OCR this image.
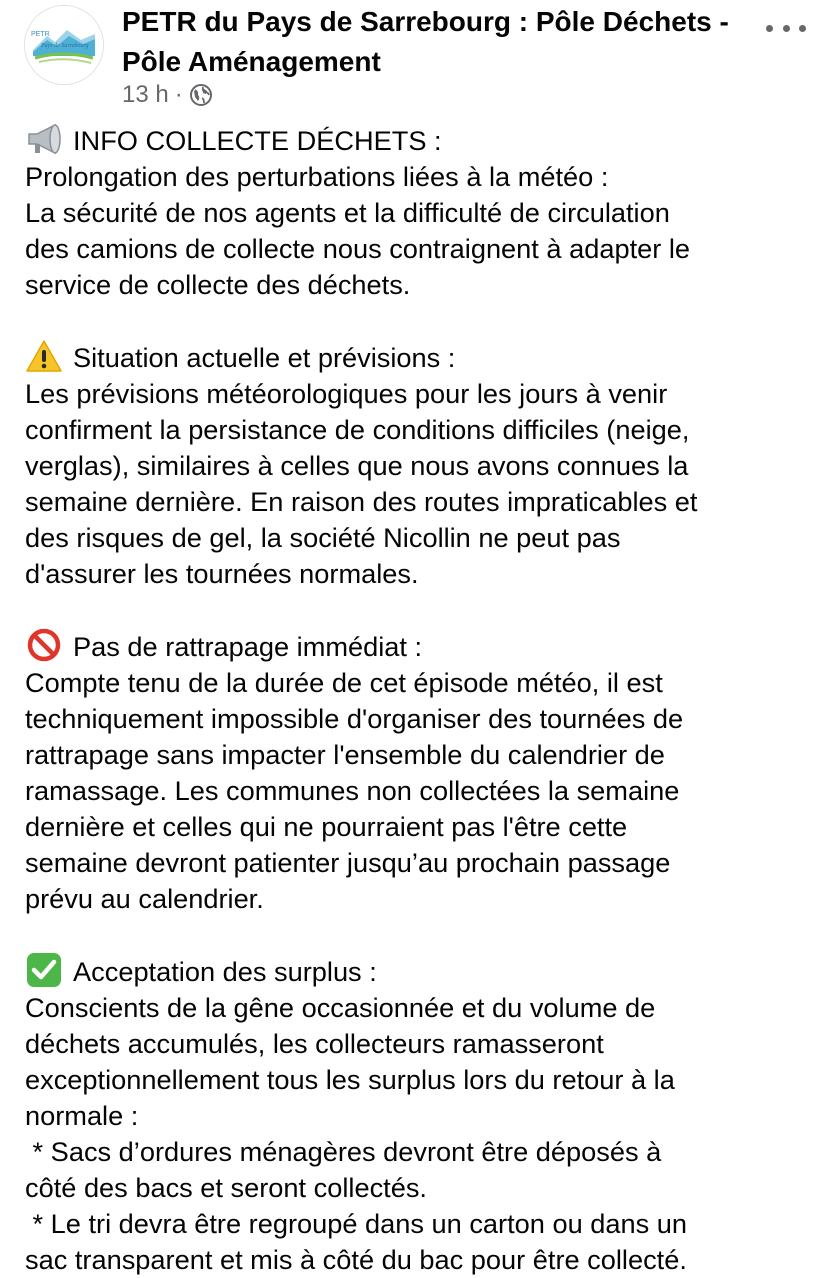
PETR
Pays de Sarrebourg
PETR du Pays de Sarrebourg : Pôle Déchets - Pôle Aménagement
13 h ·

INFO COLLECTE DÉCHETS :

Prolongation des perturbations liées à la météo :

La sécurité de nos agents et la difficulté de circulation

des camions de collecte nous contraignent à adapter le

service de collecte des déchets.

Situation actuelle et prévisions :

Les prévisions météorologiques pour les jours à venir

confirment la persistance de conditions difficiles (neige,

verglas), similaires à celles que nous avons connues la

semaine dernière. En raison des routes impraticables et

des risques de gel, la société Nicollin ne peut pas

d'assurer les tournées normales.

Pas de rattrapage immédiat :

Compte tenu de la durée de cet épisode météo, il est

techniquement impossible d'organiser des tournées de

rattrapage sans impacter l'ensemble du calendrier de

ramassage. Les communes non collectées la semaine

dernière et celles qui ne pourraient pas l'être cette

semaine devront patienter jusqu’au prochain passage

prévu au calendrier.

Acceptation des surplus :

Conscients de la gêne occasionnée et du volume de

déchets accumulés, les collecteurs ramasseront

exceptionnellement tous les surplus lors du retour à la

normale :

* Sacs d’ordures ménagères devront être déposés à

côté des bacs et seront collectés.

* Le tri devra être regroupé dans un carton ou dans un

sac transparent et mis à côté du bac pour être collecté.
